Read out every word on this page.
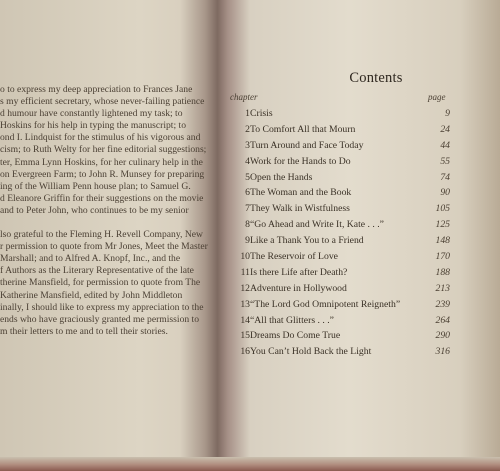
o to express my deep appreciation to Frances Jane
s my efficient secretary, whose never-failing patience
d humour have constantly lightened my task; to
Hoskins for his help in typing the manuscript; to
ond I. Lindquist for the stimulus of his vigorous and
cism; to Ruth Welty for her fine editorial suggestions;
ter, Emma Lynn Hoskins, for her culinary help in the
on Evergreen Farm; to John R. Munsey for preparing
ing of the William Penn house plan; to Samuel G.
d Eleanore Griffin for their suggestions on the movie
and to Peter John, who continues to be my senior
lso grateful to the Fleming H. Revell Company, New
r permission to quote from Mr Jones, Meet the Master
Marshall; and to Alfred A. Knopf, Inc., and the
f Authors as the Literary Representative of the late
therine Mansfield, for permission to quote from The
Katherine Mansfield, edited by John Middleton
inally, I should like to express my appreciation to the
ends who have graciously granted me permission to
m their letters to me and to tell their stories.
Contents
chapter	page
1 Crisis	9
2 To Comfort All that Mourn	24
3 Turn Around and Face Today	44
4 Work for the Hands to Do	55
5 Open the Hands	74
6 The Woman and the Book	90
7 They Walk in Wistfulness	105
8 “Go Ahead and Write It, Kate . . .”	125
9 Like a Thank You to a Friend	148
10 The Reservoir of Love	170
11 Is there Life after Death?	188
12 Adventure in Hollywood	213
13 “The Lord God Omnipotent Reigneth”	239
14 “All that Glitters . . .”	264
15 Dreams Do Come True	290
16 You Can’t Hold Back the Light	316
